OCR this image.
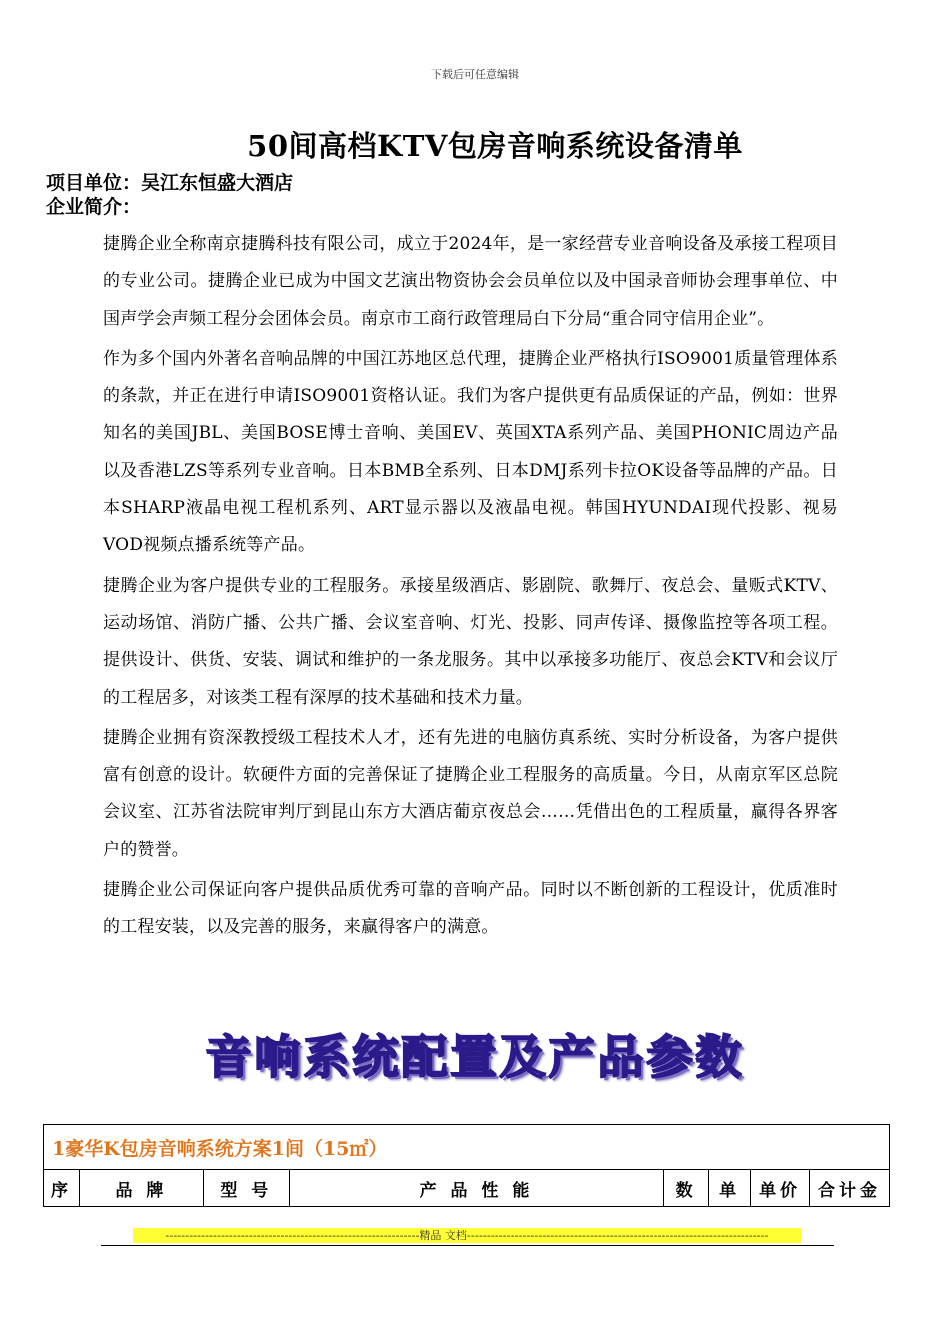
下载后可任意编辑
50间高档KTV包房音响系统设备清单
项目单位：吴江东恒盛大酒店
企业简介：

捷腾企业全称南京捷腾科技有限公司，成立于2024年，是一家经营专业音响设备及承接工程项目的专业公司。捷腾企业已成为中国文艺演出物资协会会员单位以及中国录音师协会理事单位、中国声学会声频工程分会团体会员。南京市工商行政管理局白下分局“重合同守信用企业”。

作为多个国内外著名音响品牌的中国江苏地区总代理，捷腾企业严格执行ISO9001质量管理体系的条款，并正在进行申请ISO9001资格认证。我们为客户提供更有品质保证的产品，例如：世界知名的美国JBL、美国BOSE博士音响、美国EV、英国XTA系列产品、美国PHONIC周边产品以及香港LZS等系列专业音响。日本BMB全系列、日本DMJ系列卡拉OK设备等品牌的产品。日本SHARP液晶电视工程机系列、ART显示器以及液晶电视。韩国HYUNDAI现代投影、视易VOD视频点播系统等产品。

捷腾企业为客户提供专业的工程服务。承接星级酒店、影剧院、歌舞厅、夜总会、量贩式KTV、运动场馆、消防广播、公共广播、会议室音响、灯光、投影、同声传译、摄像监控等各项工程。提供设计、供货、安装、调试和维护的一条龙服务。其中以承接多功能厅、夜总会KTV和会议厅的工程居多，对该类工程有深厚的技术基础和技术力量。

捷腾企业拥有资深教授级工程技术人才，还有先进的电脑仿真系统、实时分析设备，为客户提供富有创意的设计。软硬件方面的完善保证了捷腾企业工程服务的高质量。今日，从南京军区总院会议室、江苏省法院审判厅到昆山东方大酒店葡京夜总会……凭借出色的工程质量，赢得各界客户的赞誉。

捷腾企业公司保证向客户提供品质优秀可靠的音响产品。同时以不断创新的工程设计，优质准时的工程安装，以及完善的服务，来赢得客户的满意。

音响系统配置及产品参数
1豪华K包房音响系统方案1间（15㎡）
序	品 牌	型 号	产 品 性 能	数	单	单价	合计金
----------------------------------------------------------------精品 文档----------------------------------------------------------------------------
